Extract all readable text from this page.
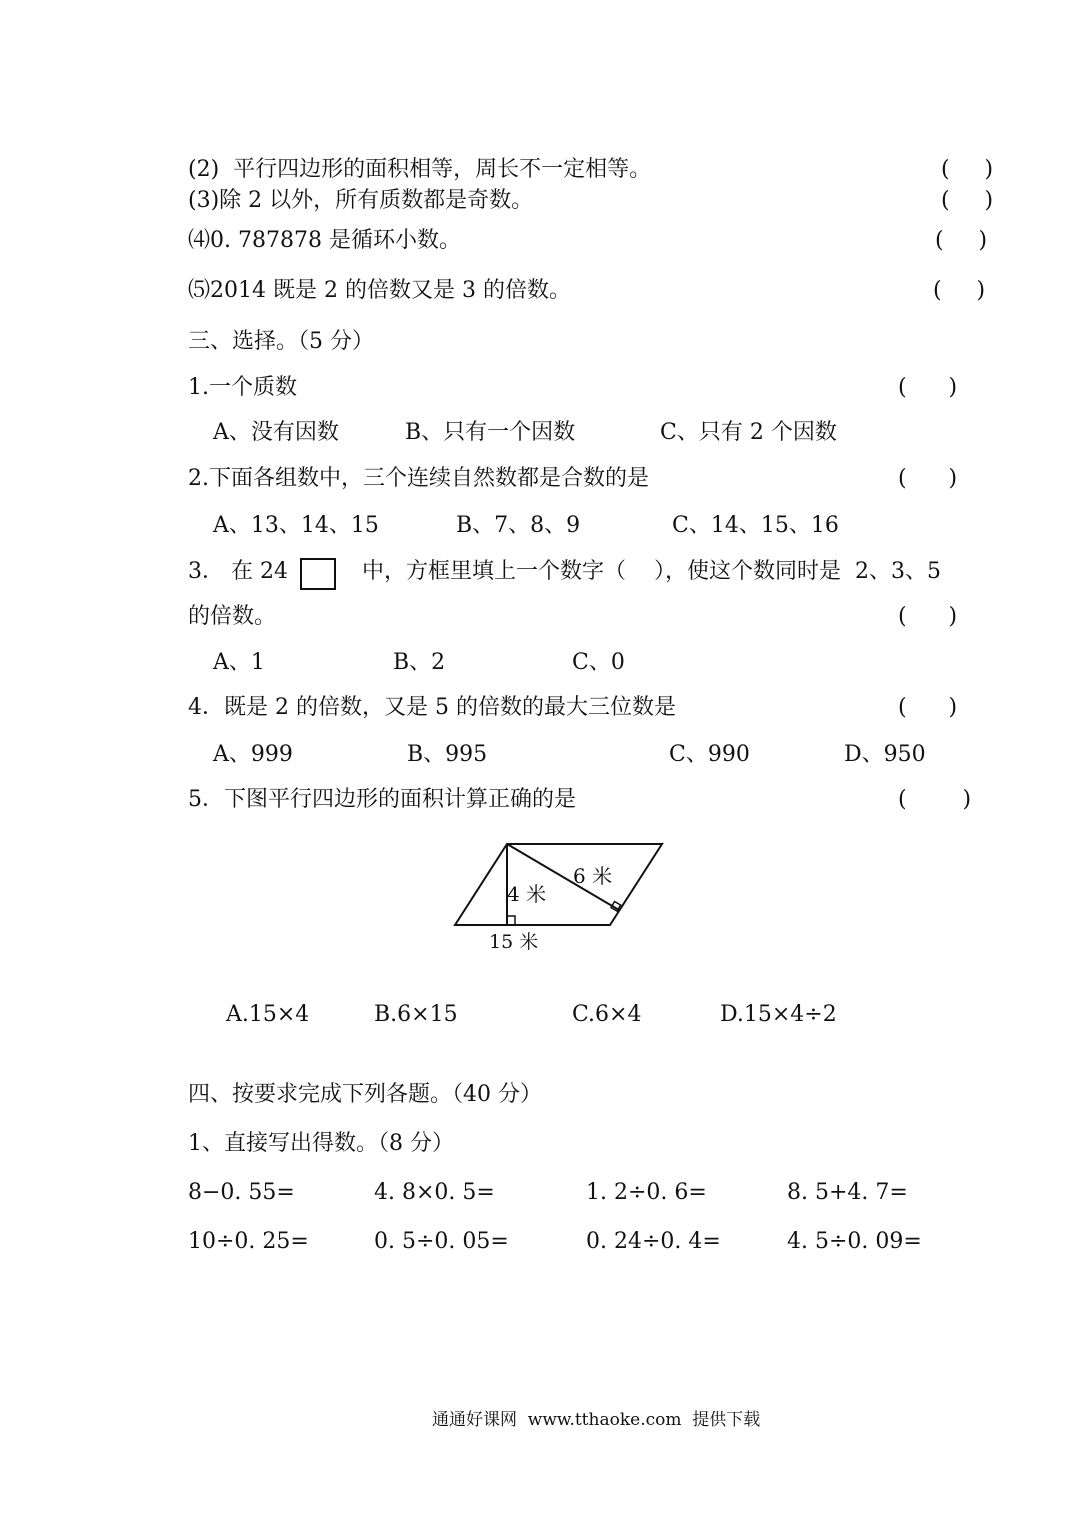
(2)  平行四边形的面积相等，周长不一定相等。	(     )
(3)除 2 以外，所有质数都是奇数。	(     )
⑷0. 787878 是循环小数。	(     )
⑸2014 既是 2 的倍数又是 3 的倍数。	(     )
三、选择。（5 分）
1.一个质数	(      )
A、没有因数	B、只有一个因数	C、只有 2 个因数
2.下面各组数中，三个连续自然数都是合数的是	(      )
A、13、14、15	B、7、8、9	C、14、15、16
3． 在 24	中，方框里填上一个数字（    ），使这个数同时是  2、3、5
的倍数。	(      )
A、1	B、2	C、0
4．既是 2 的倍数，又是 5 的倍数的最大三位数是	(      )
A、999	B、995	C、990	D、950
5．下图平行四边形的面积计算正确的是	(        )
4 米
6 米
15 米
A.15×4	B.6×15	C.6×4	D.15×4÷2
四、按要求完成下列各题。（40 分）
1、直接写出得数。（8 分）
8−0. 55=	4. 8×0. 5=	1. 2÷0. 6=	8. 5+4. 7=
10÷0. 25=	0. 5÷0. 05=	0. 24÷0. 4=	4. 5÷0. 09=
通通好课网  www.tthaoke.com  提供下载
